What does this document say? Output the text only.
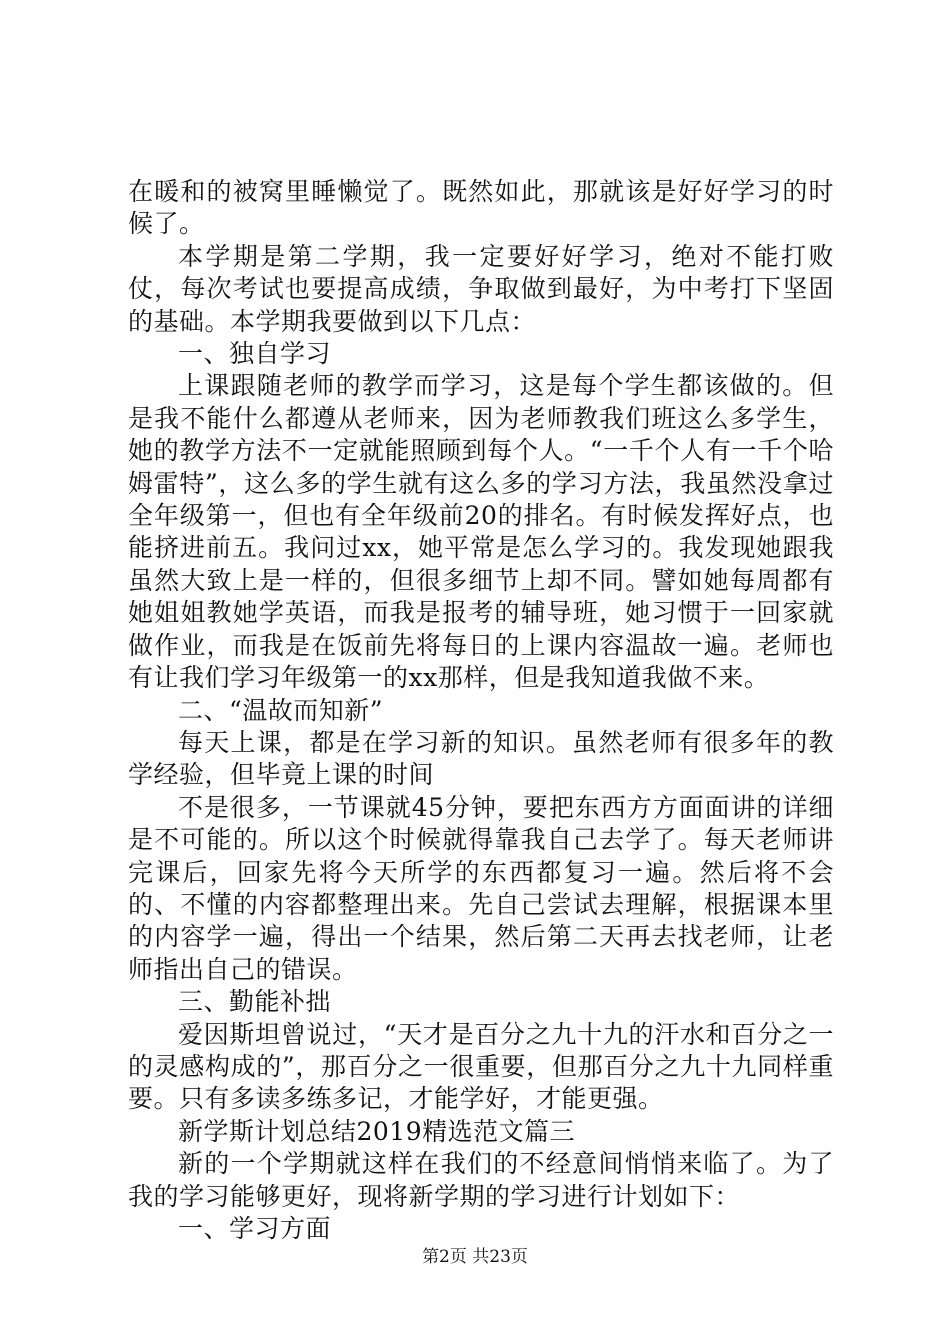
在暖和的被窝里睡懒觉了。既然如此，那就该是好好学习的时候了。

本学期是第二学期，我一定要好好学习，绝对不能打败仗，每次考试也要提高成绩，争取做到最好，为中考打下坚固的基础。本学期我要做到以下几点：

一、独自学习

上课跟随老师的教学而学习，这是每个学生都该做的。但是我不能什么都遵从老师来，因为老师教我们班这么多学生，她的教学方法不一定就能照顾到每个人。“一千个人有一千个哈姆雷特”，这么多的学生就有这么多的学习方法，我虽然没拿过全年级第一，但也有全年级前20的排名。有时候发挥好点，也能挤进前五。我问过xx，她平常是怎么学习的。我发现她跟我虽然大致上是一样的，但很多细节上却不同。譬如她每周都有她姐姐教她学英语，而我是报考的辅导班，她习惯于一回家就做作业，而我是在饭前先将每日的上课内容温故一遍。老师也有让我们学习年级第一的xx那样，但是我知道我做不来。

二、“温故而知新”

每天上课，都是在学习新的知识。虽然老师有很多年的教学经验，但毕竟上课的时间

不是很多，一节课就45分钟，要把东西方方面面讲的详细是不可能的。所以这个时候就得靠我自己去学了。每天老师讲完课后，回家先将今天所学的东西都复习一遍。然后将不会的、不懂的内容都整理出来。先自己尝试去理解，根据课本里的内容学一遍，得出一个结果，然后第二天再去找老师，让老师指出自己的错误。

三、勤能补拙

爱因斯坦曾说过，“天才是百分之九十九的汗水和百分之一的灵感构成的”，那百分之一很重要，但那百分之九十九同样重要。只有多读多练多记，才能学好，才能更强。

新学斯计划总结2019精选范文篇三

新的一个学期就这样在我们的不经意间悄悄来临了。为了我的学习能够更好，现将新学期的学习进行计划如下：

一、学习方面

第2页 共23页
